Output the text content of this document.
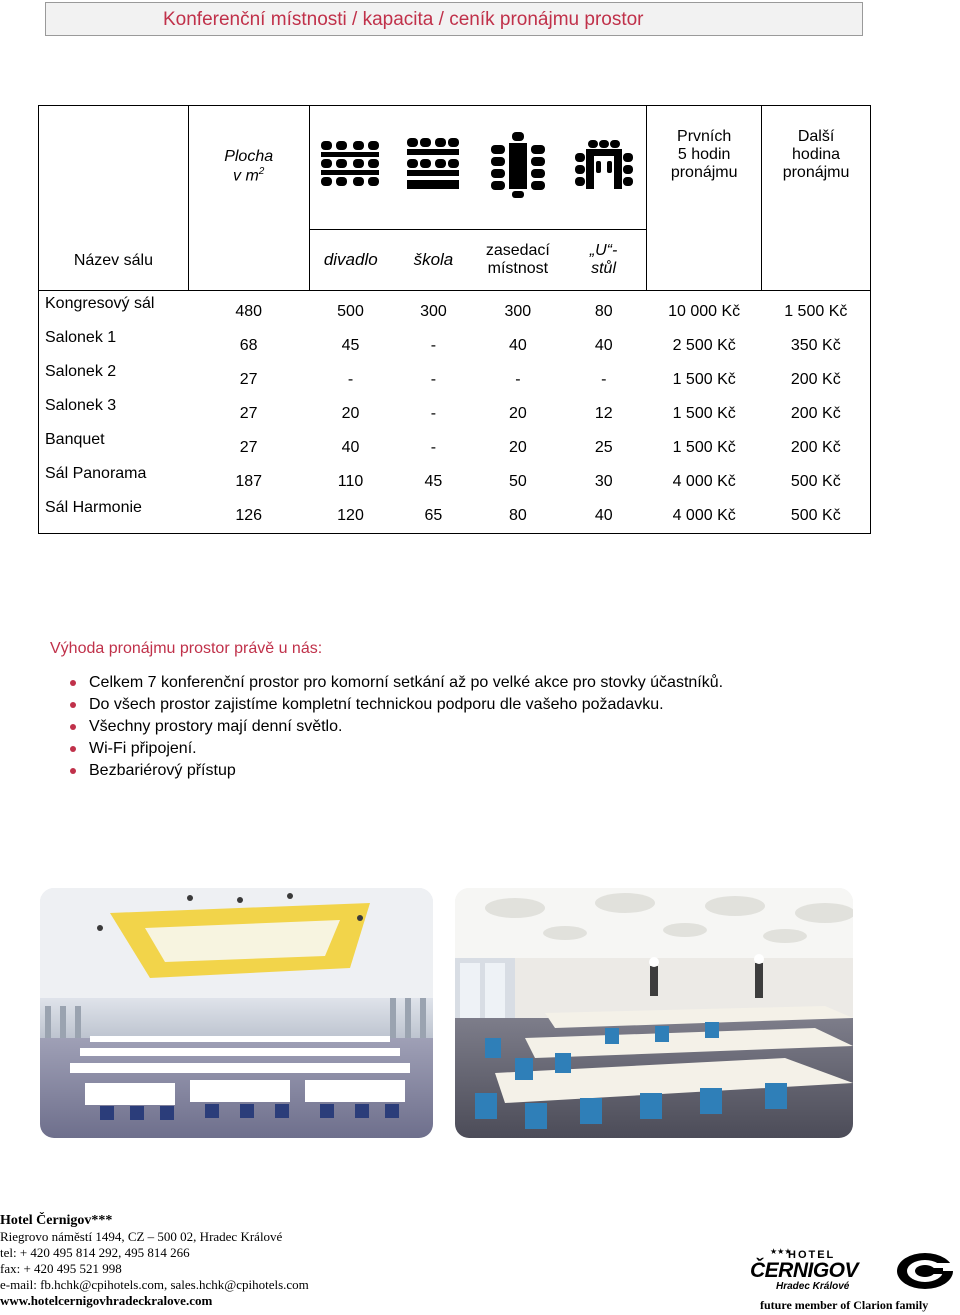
Konferenční místnosti / kapacita / ceník pronájmu prostor
Název sálu	Plocha
v $m^2$					Prvních
5 hodin
pronájmu	Další
hodina
pronájmu
		divadlo	škola	zasedací místnost	„U“- stůl		
Kongresový sál	480	500	300	300	80	10 000 Kč	1 500 Kč
Salonek 1	68	45	-	40	40	2 500 Kč	350 Kč
Salonek 2	27	-	-	-	-	1 500 Kč	200 Kč
Salonek 3	27	20	-	20	12	1 500 Kč	200 Kč
Banquet	27	40	-	20	25	1 500 Kč	200 Kč
Sál Panorama	187	110	45	50	30	4 000 Kč	500 Kč
Sál Harmonie	126	120	65	80	40	4 000 Kč	500 Kč
Výhoda pronájmu prostor právě u nás:
Celkem 7 konferenční prostor pro komorní setkání až po velké akce pro stovky účastníků.
Do všech prostor zajistíme kompletní technickou podporu dle vašeho požadavku.
Všechny prostory mají denní světlo.
Wi-Fi připojení.
Bezbariérový přístup
Hotel Černigov***
Riegrovo náměstí 1494, CZ – 500 02, Hradec Králové
tel: + 420 495 814 292, 495 814 266
fax: + 420 495 521 998
e-mail: fb.hchk@cpihotels.com, sales.hchk@cpihotels.com
www.hotelcernigovhradeckralove.com
★★★
HOTEL
ČERNIGOV
Hradec Králové
future member of Clarion family
